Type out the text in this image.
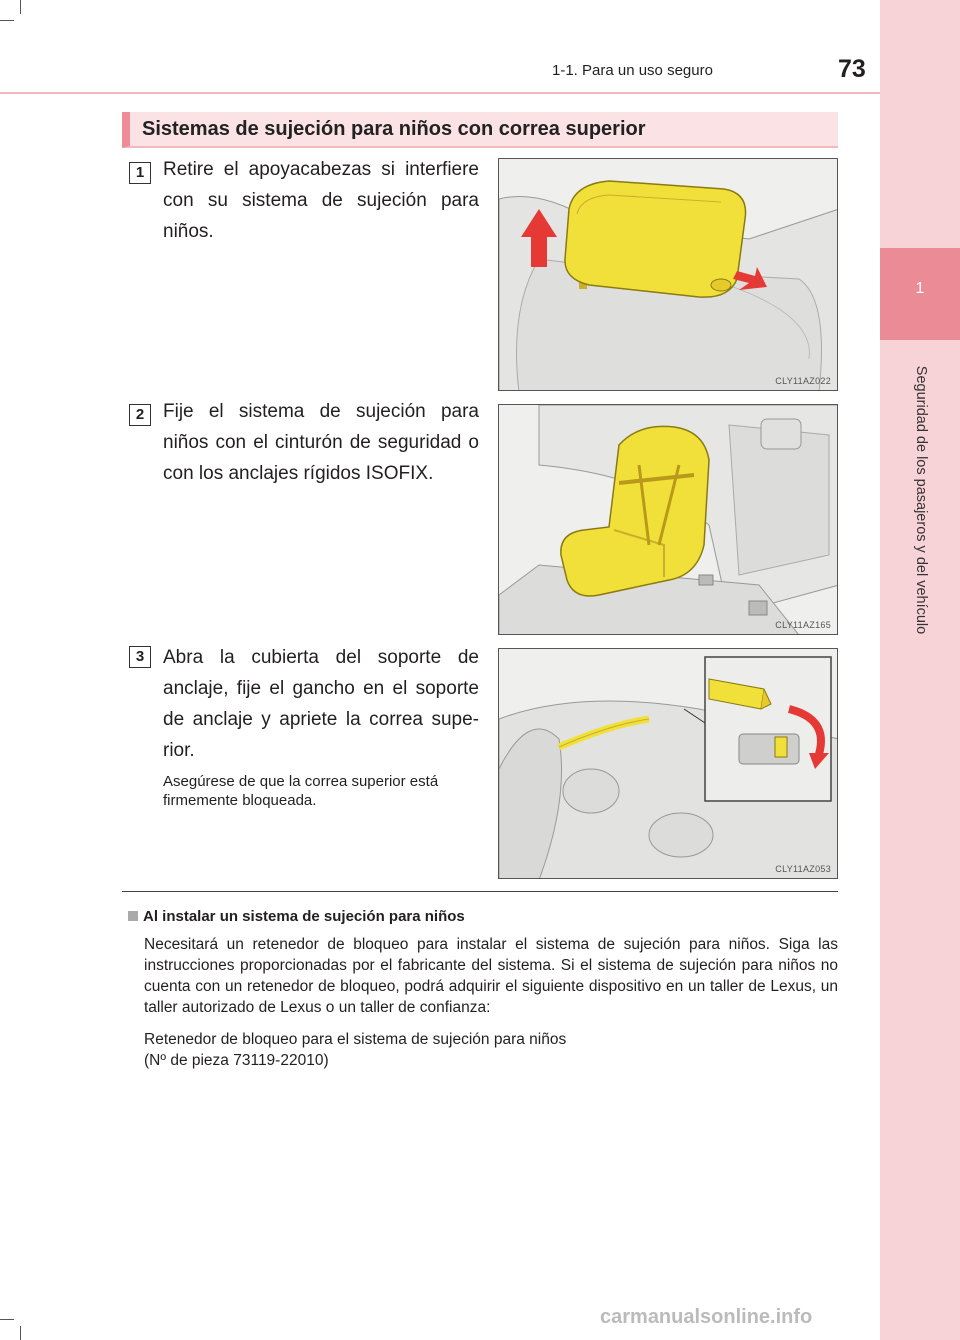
1
Seguridad de los pasajeros y del vehículo
1-1. Para un uso seguro	73
Sistemas de sujeción para niños con correa superior
1 Retire el apoyacabezas si interfiere con su sistema de sujeción para niños.
CLY11AZ022
2 Fije el sistema de sujeción para niños con el cinturón de seguridad o con los anclajes rígidos ISOFIX.
CLY11AZ165
3 Abra la cubierta del soporte de anclaje, fije el gancho en el soporte de anclaje y apriete la correa supe-rior.
Asegúrese de que la correa superior está firmemente bloqueada.
CLY11AZ053
Al instalar un sistema de sujeción para niños
Necesitará un retenedor de bloqueo para instalar el sistema de sujeción para niños. Siga las instrucciones proporcionadas por el fabricante del sistema. Si el sistema de sujeción para niños no cuenta con un retenedor de bloqueo, podrá adquirir el siguiente dispositivo en un taller de Lexus, un taller autorizado de Lexus o un taller de confianza:
Retenedor de bloqueo para el sistema de sujeción para niños
(Nº de pieza 73119-22010)
carmanualsonline.info
